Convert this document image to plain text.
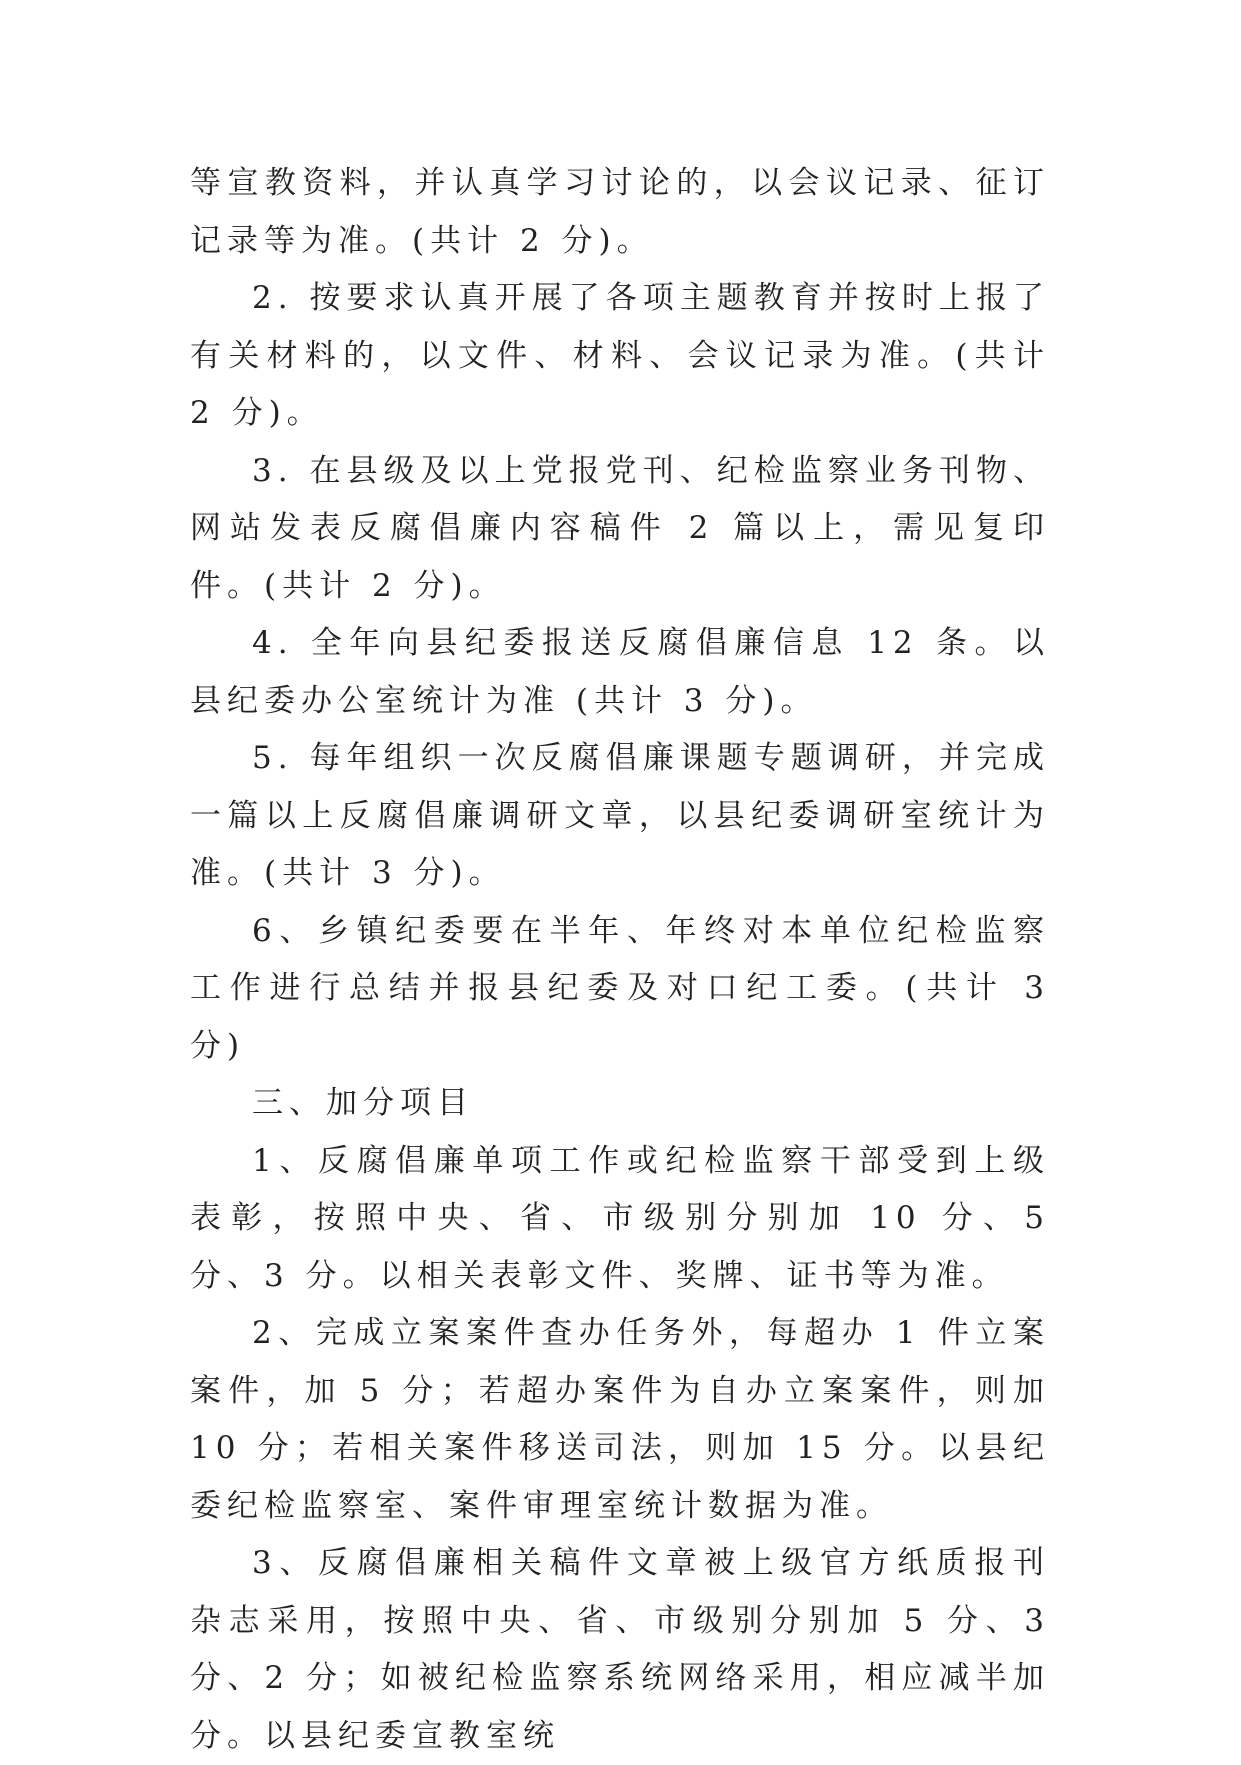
等宣教资料，并认真学习讨论的，以会议记录、征订记录等为准。(共计 2 分)。

2. 按要求认真开展了各项主题教育并按时上报了有关材料的，以文件、材料、会议记录为准。(共计 2 分)。

3. 在县级及以上党报党刊、纪检监察业务刊物、网站发表反腐倡廉内容稿件 2 篇以上，需见复印件。(共计 2 分)。

4. 全年向县纪委报送反腐倡廉信息 12 条。以县纪委办公室统计为准 (共计 3 分)。

5. 每年组织一次反腐倡廉课题专题调研，并完成一篇以上反腐倡廉调研文章，以县纪委调研室统计为准。(共计 3 分)。

6、乡镇纪委要在半年、年终对本单位纪检监察工作进行总结并报县纪委及对口纪工委。(共计 3 分)

三、加分项目

1、反腐倡廉单项工作或纪检监察干部受到上级表彰，按照中央、省、市级别分别加 10 分、5 分、3 分。以相关表彰文件、奖牌、证书等为准。

2、完成立案案件查办任务外，每超办 1 件立案案件，加 5 分；若超办案件为自办立案案件，则加 10 分；若相关案件移送司法，则加 15 分。以县纪委纪检监察室、案件审理室统计数据为准。

3、反腐倡廉相关稿件文章被上级官方纸质报刊杂志采用，按照中央、省、市级别分别加 5 分、3 分、2 分；如被纪检监察系统网络采用，相应减半加分。以县纪委宣教室统
